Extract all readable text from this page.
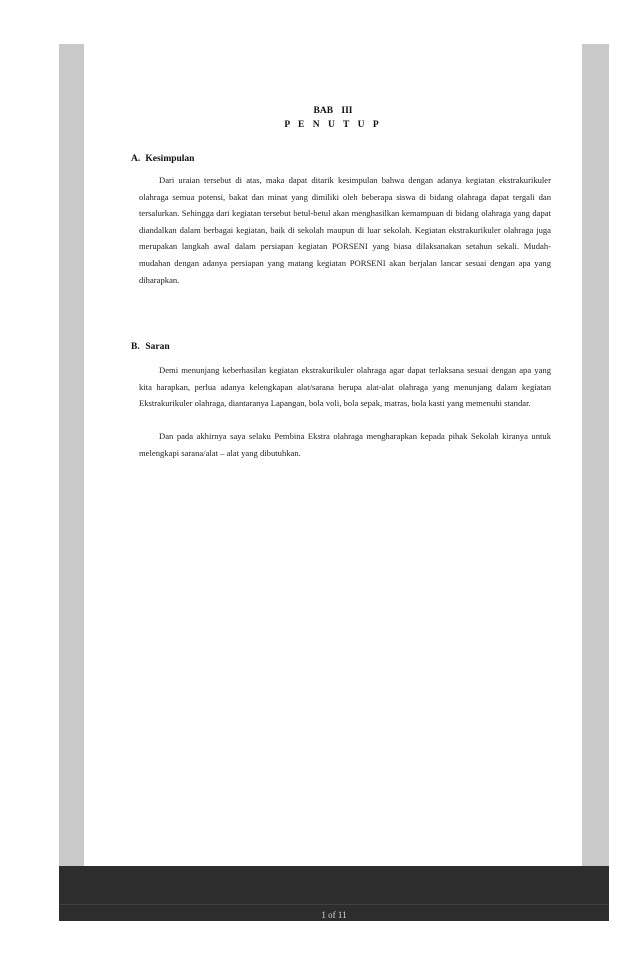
BAB III
P E N U T U P
A. Kesimpulan

Dari uraian tersebut di atas, maka dapat ditarik kesimpulan bahwa dengan adanya kegiatan ekstrakurikuler olahraga semua potensi, bakat dan minat yang dimiliki oleh beberapa siswa di bidang olahraga dapat tergali dan tersalurkan. Sehingga dari kegiatan tersebut betul-betul akan menghasilkan kemampuan di bidang olahraga yang dapat diandalkan dalam berbagai kegiatan, baik di sekolah maupun di luar sekolah. Kegiatan ekstrakurikuler olahraga juga merupakan langkah awal dalam persiapan kegiatan PORSENI yang biasa dilaksanakan setahun sekali. Mudah-mudahan dengan adanya persiapan yang matang kegiatan PORSENI akan berjalan lancar sesuai dengan apa yang diharapkan.

B. Saran

Demi menunjang keberhasilan kegiatan ekstrakurikuler olahraga agar dapat terlaksana sesuai dengan apa yang kita harapkan, perlua adanya kelengkapan alat/sarana berupa alat-alat olahraga yang menunjang dalam kegiatan Ekstrakurikuler olahraga, diantaranya Lapangan, bola voli, bola sepak, matras, bola kasti yang memenuhi standar.

Dan pada akhirnya saya selaku Pembina Ekstra olahraga mengharapkan kepada pihak Sekolah kiranya untuk melengkapi sarana/alat – alat yang dibutuhkan.

1 of 11
